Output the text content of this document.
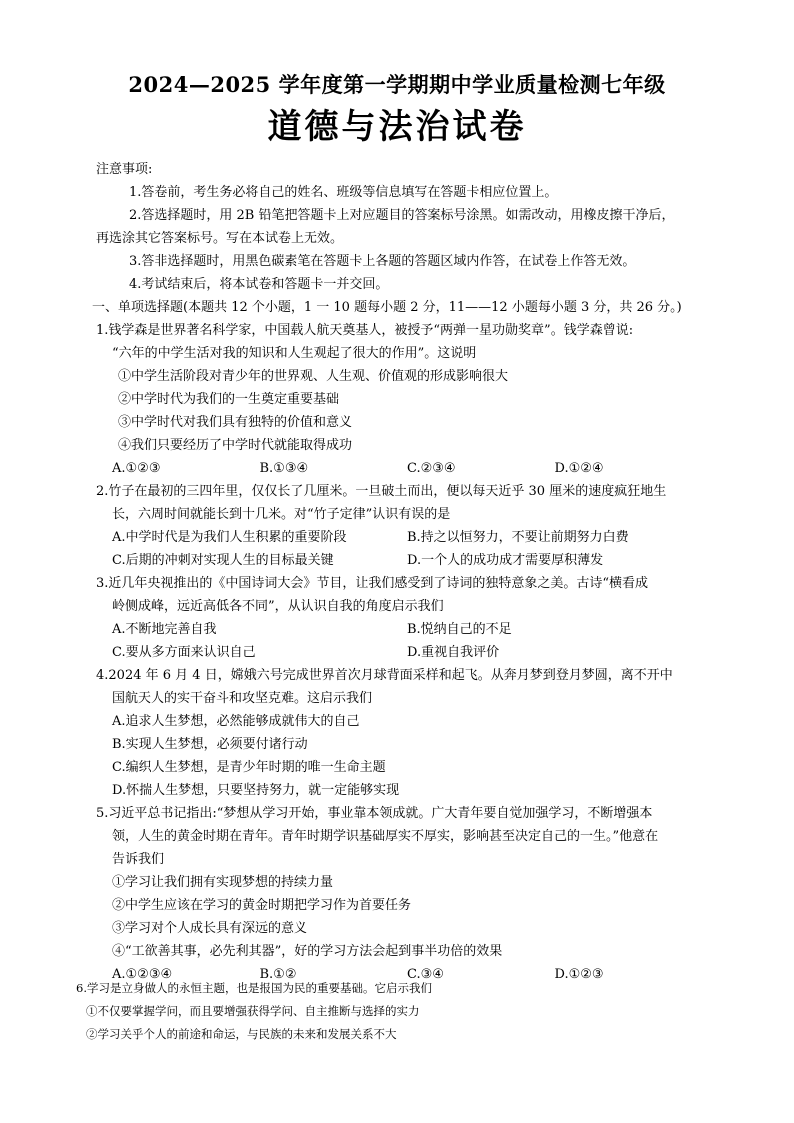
2024—2025 学年度第一学期期中学业质量检测七年级
道德与法治试卷
注意事项:
1.答卷前，考生务必将自己的姓名、班级等信息填写在答题卡相应位置上。
2.答选择题时，用 2B 铅笔把答题卡上对应题目的答案标号涂黑。如需改动，用橡皮擦干净后，
再选涂其它答案标号。写在本试卷上无效。
3.答非选择题时，用黑色碳素笔在答题卡上各题的答题区域内作答，在试卷上作答无效。
4.考试结束后，将本试卷和答题卡一并交回。
一、单项选择题(本题共 12 个小题，1 一 10 题每小题 2 分，11——12 小题每小题 3 分，共 26 分。)
1.钱学森是世界著名科学家，中国载人航天奠基人，被授予“两弹一星功勋奖章”。钱学森曾说:
“六年的中学生活对我的知识和人生观起了很大的作用”。这说明
①中学生活阶段对青少年的世界观、人生观、价值观的形成影响很大
②中学时代为我们的一生奠定重要基础
③中学时代对我们具有独特的价值和意义
④我们只要经历了中学时代就能取得成功
A.①②③	B.①③④	C.②③④	D.①②④
2.竹子在最初的三四年里，仅仅长了几厘米。一旦破土而出，便以每天近乎 30 厘米的速度疯狂地生
长，六周时间就能长到十几米。对“竹子定律”认识有误的是
A.中学时代是为我们人生积累的重要阶段	B.持之以恒努力，不要让前期努力白费
C.后期的冲刺对实现人生的目标最关键	D.一个人的成功成才需要厚积薄发
3.近几年央视推出的《中国诗词大会》节目，让我们感受到了诗词的独特意象之美。古诗“横看成
岭侧成峰，远近高低各不同”，从认识自我的角度启示我们
A.不断地完善自我	B.悦纳自己的不足
C.要从多方面来认识自己	D.重视自我评价
4.2024 年 6 月 4 日，嫦娥六号完成世界首次月球背面采样和起飞。从奔月梦到登月梦圆，离不开中
国航天人的实干奋斗和攻坚克难。这启示我们
A.追求人生梦想，必然能够成就伟大的自己
B.实现人生梦想，必须要付诸行动
C.编织人生梦想，是青少年时期的唯一生命主题
D.怀揣人生梦想，只要坚持努力，就一定能够实现
5.习近平总书记指出:“梦想从学习开始，事业靠本领成就。广大青年要自觉加强学习，不断增强本
领，人生的黄金时期在青年。青年时期学识基础厚实不厚实，影响甚至决定自己的一生。”他意在
告诉我们
①学习让我们拥有实现梦想的持续力量
②中学生应该在学习的黄金时期把学习作为首要任务
③学习对个人成长具有深远的意义
④“工欲善其事，必先利其器”，好的学习方法会起到事半功倍的效果
A.①②③④	B.①②	C.③④	D.①②③
6.学习是立身做人的永恒主题，也是报国为民的重要基础。它启示我们
①不仅要掌握学问，而且要增强获得学问、自主推断与选择的实力
②学习关乎个人的前途和命运，与民族的未来和发展关系不大
